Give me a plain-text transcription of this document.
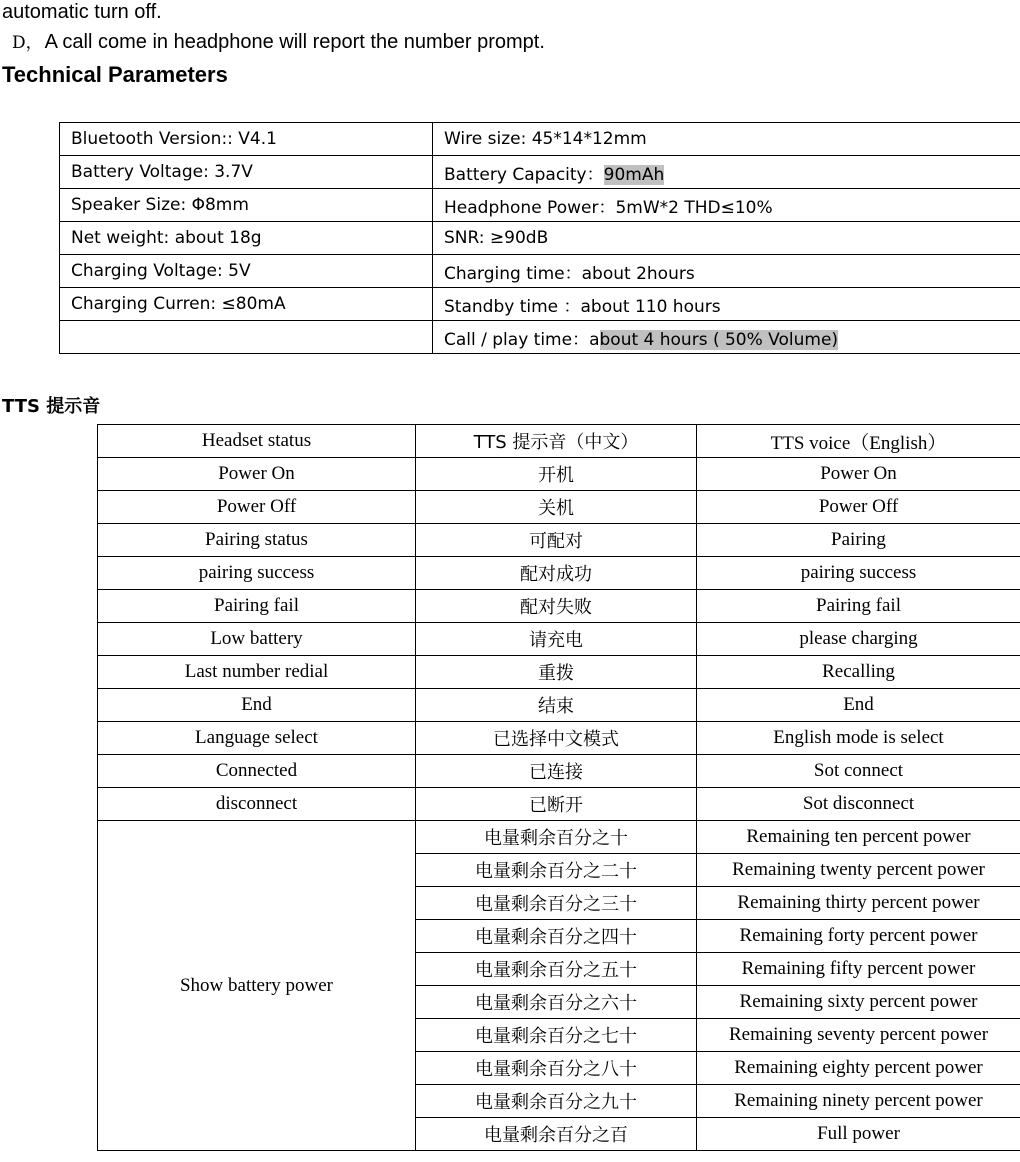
automatic turn off.
D， A call come in headphone will report the number prompt.
Technical Parameters
Bluetooth Version:: V4.1	Wire size: 45*14*12mm
Battery Voltage: 3.7V	Battery Capacity：90mAh
Speaker Size: Φ8mm	Headphone Power：5mW*2 THD≤10%
Net weight: about 18g	SNR: ≥90dB
Charging Voltage: 5V	Charging time：about 2hours
Charging Curren: ≤80mA	Standby time ：about 110 hours
	Call / play time：about 4 hours ( 50% Volume)
TTS 提示音
Headset status	TTS 提示音（中文）	TTS voice（English）
Power On	开机	Power On
Power Off	关机	Power Off
Pairing status	可配对	Pairing
pairing success	配对成功	pairing success
Pairing fail	配对失败	Pairing fail
Low battery	请充电	please charging
Last number redial	重拨	Recalling
End	结束	End
Language select	已选择中文模式	English mode is select
Connected	已连接	Sot connect
disconnect	已断开	Sot disconnect
Show battery power	电量剩余百分之十	Remaining ten percent power
	电量剩余百分之二十	Remaining twenty percent power
	电量剩余百分之三十	Remaining thirty percent power
	电量剩余百分之四十	Remaining forty percent power
	电量剩余百分之五十	Remaining fifty percent power
	电量剩余百分之六十	Remaining sixty percent power
	电量剩余百分之七十	Remaining seventy percent power
	电量剩余百分之八十	Remaining eighty percent power
	电量剩余百分之九十	Remaining ninety percent power
	电量剩余百分之百	Full power
